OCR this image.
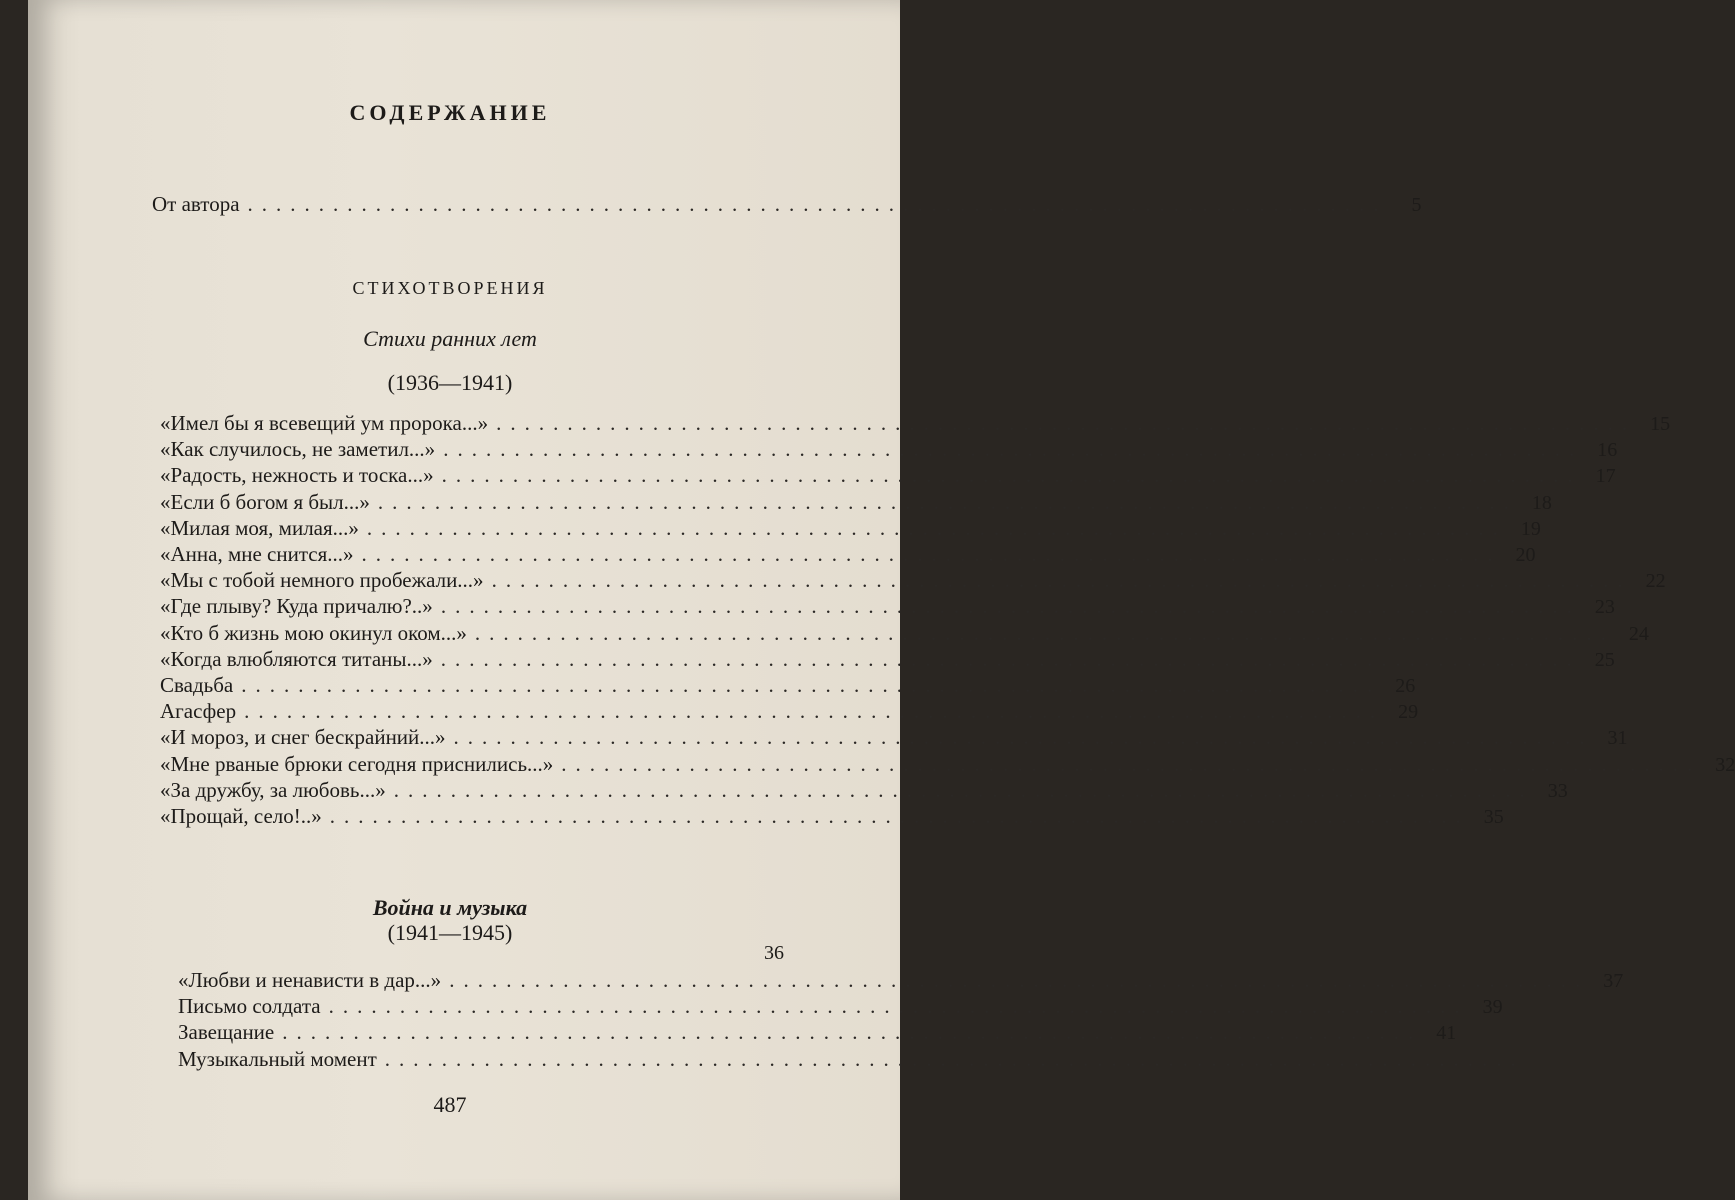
СОДЕРЖАНИЕ
От автора ................................................................................	5
СТИХОТВОРЕНИЯ
Стихи ранних лет
(1936—1941)
«Имел бы я всевещий ум пророка...» ................................................................................ 15
«Как случилось, не заметил...» ................................................................................ 16
«Радость, нежность и тоска...» ................................................................................ 17
«Если б богом я был...» ................................................................................ 18
«Милая моя, милая...» ................................................................................ 19
«Анна, мне снится...» ................................................................................ 20
«Мы с тобой немного пробежали...» ................................................................................ 22
«Где плыву? Куда причалю?..» ................................................................................ 23
«Кто б жизнь мою окинул оком...» ................................................................................ 24
«Когда влюбляются титаны...» ................................................................................ 25
Свадьба ................................................................................ 26
Агасфер ................................................................................ 29
«И мороз, и снег бескрайний...» ................................................................................ 31
«Мне рваные брюки сегодня приснились...» ................................................................................ 32
«За дружбу, за любовь...» ................................................................................ 33
«Прощай, село!..» ................................................................................ 35
Война и музыка
(1941—1945)
36
«Любви и ненависти в дар...» ................................................................................ 37
Письмо солдата ................................................................................ 39
Завещание ................................................................................ 41
Музыкальный момент ................................................................................
487
